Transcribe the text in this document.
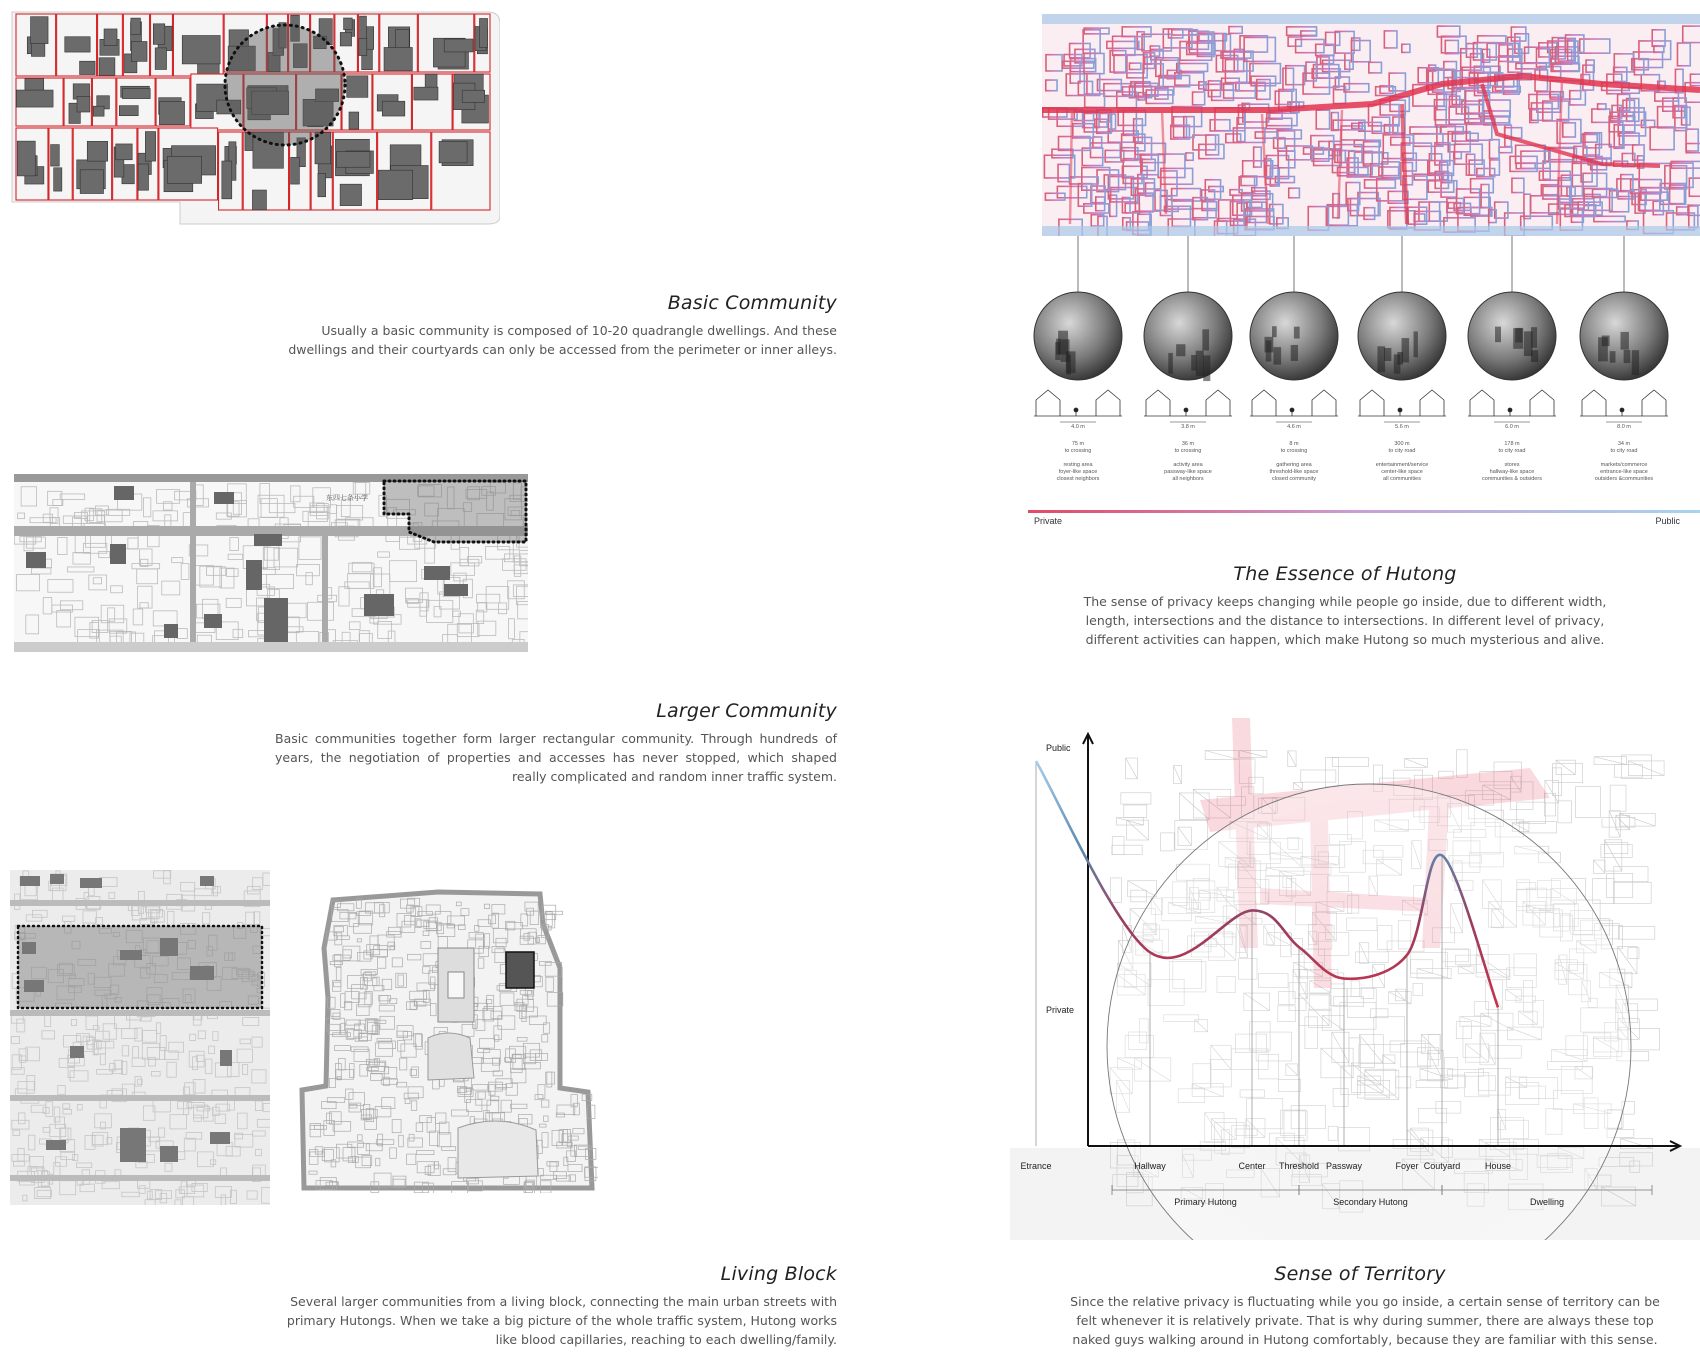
Basic Community
Usually a basic community is composed of 10-20 quadrangle dwellings. And these dwellings and their courtyards can only be accessed from the perimeter or inner alleys.
东四七条小学
Larger Community
Basic communities together form larger rectangular community. Through hundreds of years, the negotiation of properties and accesses has never stopped, which shaped really complicated and random inner traffic system.
Living Block
Several larger communities from a living block, connecting the main urban streets with primary Hutongs. When we take a big picture of the whole traffic system, Hutong works like blood capillaries, reaching to each dwelling/family.
4.0 m
75 m
to crossing
resting area
foyer-like space
closest neighbors
3.8 m
36 m
to crossing
activity area
passway-like space
all neighbors
4.6 m
8 m
to crossing
gathering area
threshold-like space
closed community
5.6 m
300 m
to city road
entertainment/service
center-like space
all communities
6.0 m
178 m
to city road
stores
hallway-like space
communities & outsiders
8.0 m
34 m
to city road
markets/commerce
entrance-like space
outsiders &communities
Private	Public
The Essence of Hutong
The sense of privacy keeps changing while people go inside, due to different width, length, intersections and the distance to intersections. In different level of privacy, different activities can happen, which make Hutong so much mysterious and alive.
Public
Private
Etrance	Hallway	Center Threshold Passway	Foyer Coutyard	House
Primary Hutong	Secondary Hutong	Dwelling
Sense of Territory
Since the relative privacy is fluctuating while you go inside, a certain sense of territory can be felt whenever it is relatively private. That is why during summer, there are always these top naked guys walking around in Hutong comfortably, because they are familiar with this sense.
